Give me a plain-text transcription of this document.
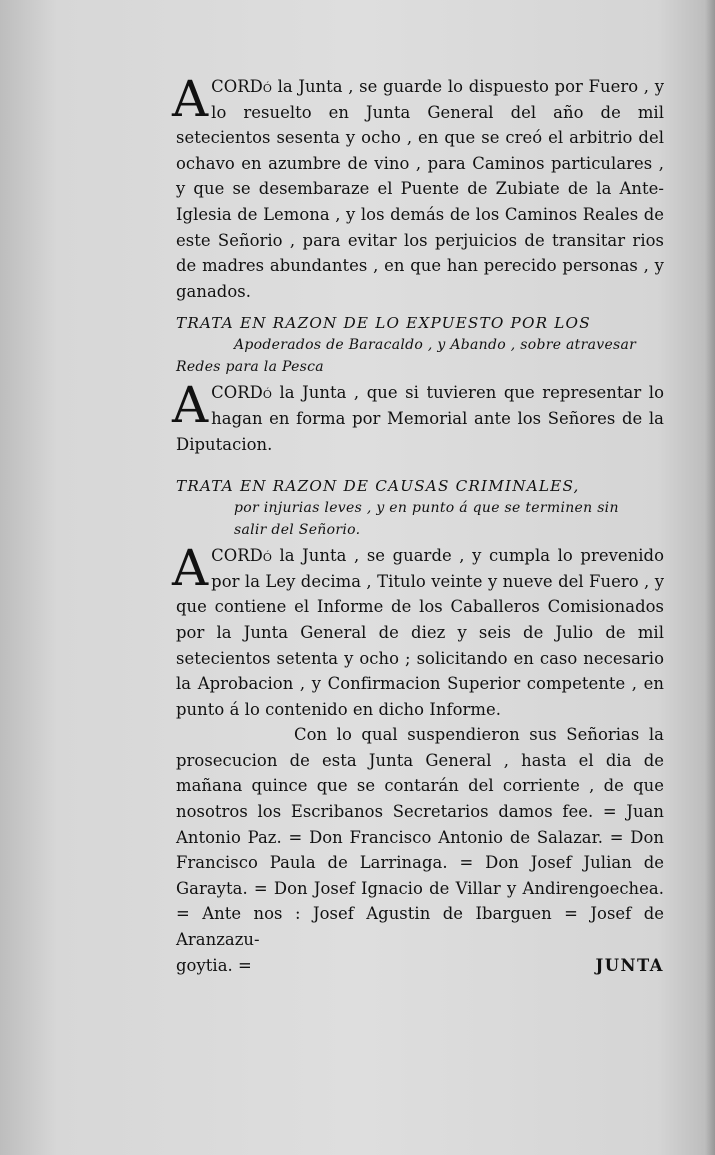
A CORDó la Junta , se guarde lo dispuesto por Fuero , y lo resuelto en Junta General del año de mil setecientos sesenta y ocho , en que se creó el arbitrio del ochavo en azumbre de vino , para Caminos particulares , y que se desembaraze el Puente de Zubiate de la Ante-Iglesia de Lemona , y los demás de los Caminos Reales de este Señorio , para evitar los perjuicios de transitar rios de madres abundantes , en que han perecido personas , y ganados.

TRATA EN RAZON DE LO EXPUESTO POR LOS
Apoderados de Baracaldo , y Abando , sobre atravesar
Redes para la Pesca

A CORDó la Junta , que si tuvieren que representar lo hagan en forma por Memorial ante los Señores de la Diputacion.

TRATA EN RAZON DE CAUSAS CRIMINALES,
por injurias leves , y en punto á que se terminen sin
salir del Señorio.

A CORDó la Junta , se guarde , y cumpla lo prevenido por la Ley decima , Titulo veinte y nueve del Fuero , y que contiene el Informe de los Caballeros Comisionados por la Junta General de diez y seis de Julio de mil setecientos setenta y ocho ; solicitando en caso necesario la Aprobacion , y Confirmacion Superior competente , en punto á lo contenido en dicho Informe.

Con lo qual suspendieron sus Señorias la prosecucion de esta Junta General , hasta el dia de mañana quince que se contarán del corriente , de que nosotros los Escribanos Secretarios damos fee. = Juan Antonio Paz. = Don Francisco Antonio de Salazar. = Don Francisco Paula de Larrinaga. = Don Josef Julian de Garayta. = Don Josef Ignacio de Villar y Andirengoechea. = Ante nos : Josef Agustin de Ibarguen = Josef de Aranzazu-

goytia. =	JUNTA
